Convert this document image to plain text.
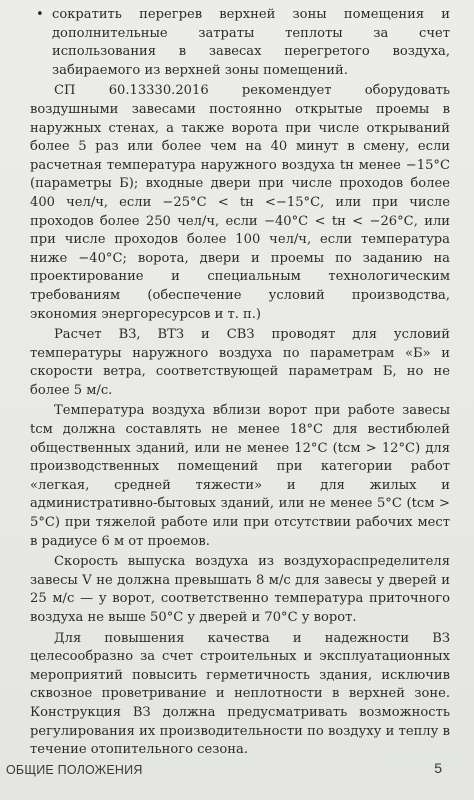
• сократить перегрев верхней зоны помещения и дополнительные затраты теплоты за счет использования в завесах перегретого воздуха, забираемого из верхней зоны помещений.

СП 60.13330.2016 рекомендует оборудовать воздушными завесами постоянно открытые проемы в наружных стенах, а также ворота при числе открываний более 5 раз или более чем на 40 минут в смену, если расчетная температура наружного воздуха tн менее −15°С (параметры Б); входные двери при числе проходов более 400 чел/ч, если −25°С < tн <−15°С, или при числе проходов более 250 чел/ч, если −40°С < tн < −26°С, или при числе проходов более 100 чел/ч, если температура ниже −40°С; ворота, двери и проемы по заданию на проектирование и специальным технологическим требованиям (обеспечение условий производства, экономия энергоресурсов и т. п.)

Расчет ВЗ, ВТЗ и СВЗ проводят для условий температуры наружного воздуха по параметрам «Б» и скорости ветра, соответствующей параметрам Б, но не более 5 м/с.

Температура воздуха вблизи ворот при работе завесы tсм должна составлять не менее 18°С для вестибюлей общественных зданий, или не менее 12°С (tсм > 12°С) для производственных помещений при категории работ «легкая, средней тяжести» и для жилых и административно-бытовых зданий, или не менее 5°С (tсм > 5°С) при тяжелой работе или при отсутствии рабочих мест в радиусе 6 м от проемов.

Скорость выпуска воздуха из воздухораспределителя завесы V не должна превышать 8 м/с для завесы у дверей и 25 м/с — у ворот, соответственно температура приточного воздуха не выше 50°С у дверей и 70°С у ворот.

Для повышения качества и надежности ВЗ целесообразно за счет строительных и эксплуатационных мероприятий повысить герметичность здания, исключив сквозное проветривание и неплотности в верхней зоне. Конструкция ВЗ должна предусматривать возможность регулирования их производительности по воздуху и теплу в течение отопительного сезона.

ОБЩИЕ ПОЛОЖЕНИЯ	5
